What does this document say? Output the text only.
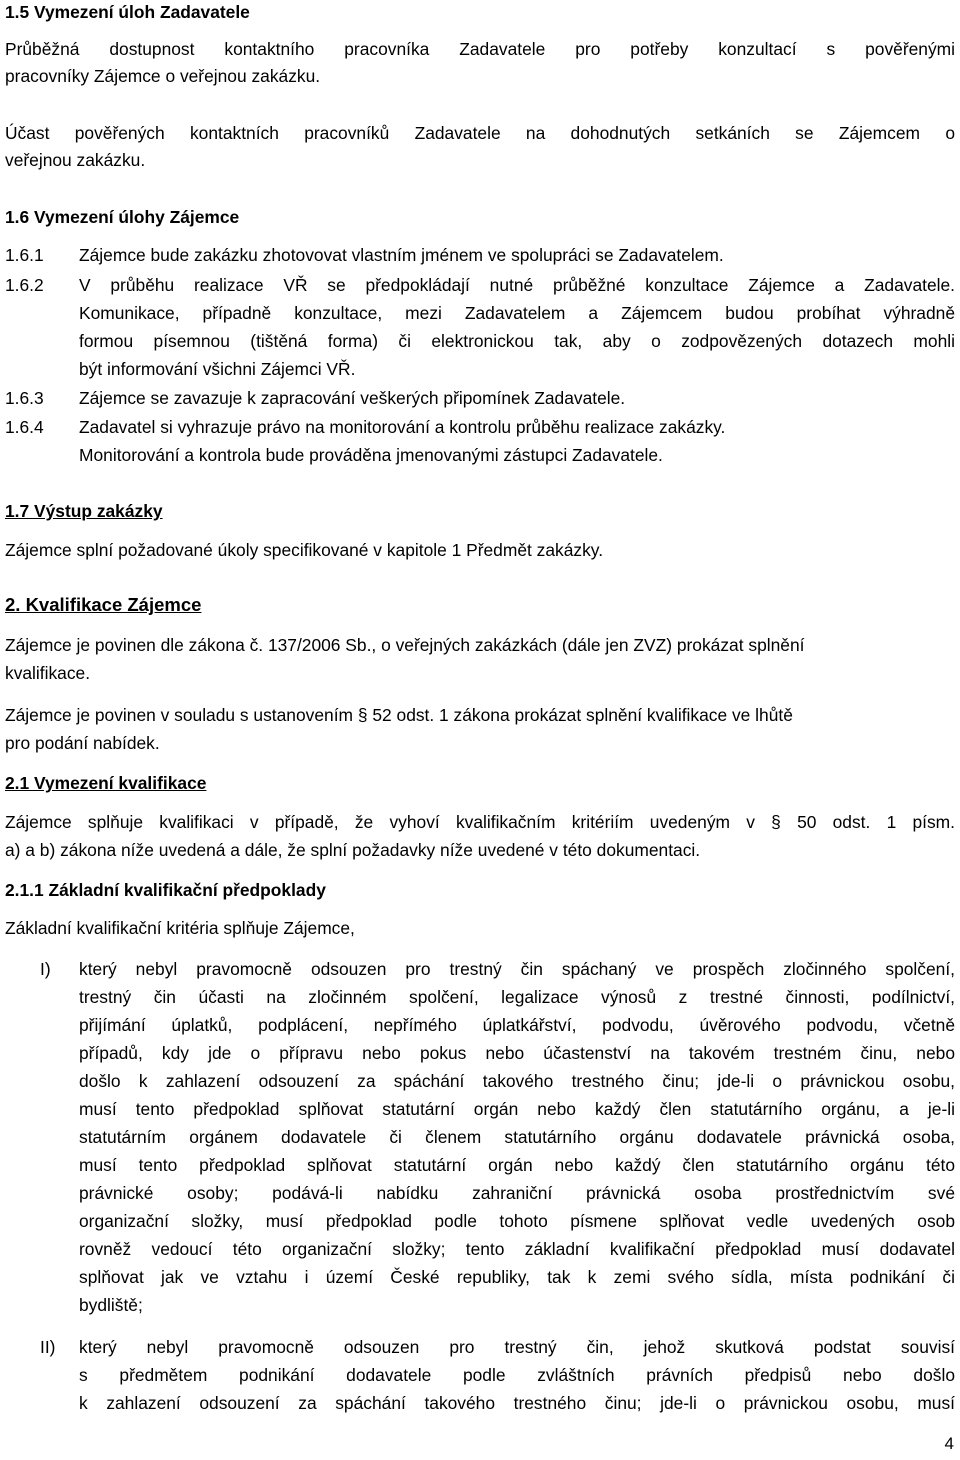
1.5 Vymezení úloh Zadavatele
Průběžná dostupnost kontaktního pracovníka Zadavatele pro potřeby konzultací s pověřenými
pracovníky Zájemce o veřejnou zakázku.
Účast pověřených kontaktních pracovníků Zadavatele na dohodnutých setkáních se Zájemcem o
veřejnou zakázku.
1.6 Vymezení úlohy Zájemce
1.6.1 Zájemce bude zakázku zhotovovat vlastním jménem ve spolupráci se Zadavatelem.
1.6.2 V průběhu realizace VŘ se předpokládají nutné průběžné konzultace Zájemce a Zadavatele.
Komunikace, případně konzultace, mezi Zadavatelem a Zájemcem budou probíhat výhradně
formou písemnou (tištěná forma) či elektronickou tak, aby o zodpovězených dotazech mohli
být informování všichni Zájemci VŘ.
1.6.3 Zájemce se zavazuje k zapracování veškerých připomínek Zadavatele.
1.6.4 Zadavatel si vyhrazuje právo na monitorování a kontrolu průběhu realizace zakázky.
Monitorování a kontrola bude prováděna jmenovanými zástupci Zadavatele.
1.7 Výstup zakázky
Zájemce splní požadované úkoly specifikované v kapitole 1 Předmět zakázky.
2. Kvalifikace Zájemce
Zájemce je povinen dle zákona č. 137/2006 Sb., o veřejných zakázkách (dále jen ZVZ) prokázat splnění
kvalifikace.
Zájemce je povinen v souladu s ustanovením § 52 odst. 1 zákona prokázat splnění kvalifikace ve lhůtě
pro podání nabídek.
2.1 Vymezení kvalifikace
Zájemce splňuje kvalifikaci v případě, že vyhoví kvalifikačním kritériím uvedeným v § 50 odst. 1 písm.
a) a b) zákona níže uvedená a dále, že splní požadavky níže uvedené v této dokumentaci.
2.1.1 Základní kvalifikační předpoklady
Základní kvalifikační kritéria splňuje Zájemce,
I) který nebyl pravomocně odsouzen pro trestný čin spáchaný ve prospěch zločinného spolčení,
trestný čin účasti na zločinném spolčení, legalizace výnosů z trestné činnosti, podílnictví,
přijímání úplatků, podplácení, nepřímého úplatkářství, podvodu, úvěrového podvodu, včetně
případů, kdy jde o přípravu nebo pokus nebo účastenství na takovém trestném činu, nebo
došlo k zahlazení odsouzení za spáchání takového trestného činu; jde-li o právnickou osobu,
musí tento předpoklad splňovat statutární orgán nebo každý člen statutárního orgánu, a je-li
statutárním orgánem dodavatele či členem statutárního orgánu dodavatele právnická osoba,
musí tento předpoklad splňovat statutární orgán nebo každý člen statutárního orgánu této
právnické osoby; podává-li nabídku zahraniční právnická osoba prostřednictvím své
organizační složky, musí předpoklad podle tohoto písmene splňovat vedle uvedených osob
rovněž vedoucí této organizační složky; tento základní kvalifikační předpoklad musí dodavatel
splňovat jak ve vztahu i území České republiky, tak k zemi svého sídla, místa podnikání či
bydliště;
II) který nebyl pravomocně odsouzen pro trestný čin, jehož skutková podstat souvisí
s předmětem podnikání dodavatele podle zvláštních právních předpisů nebo došlo
k zahlazení odsouzení za spáchání takového trestného činu; jde-li o právnickou osobu, musí
4
